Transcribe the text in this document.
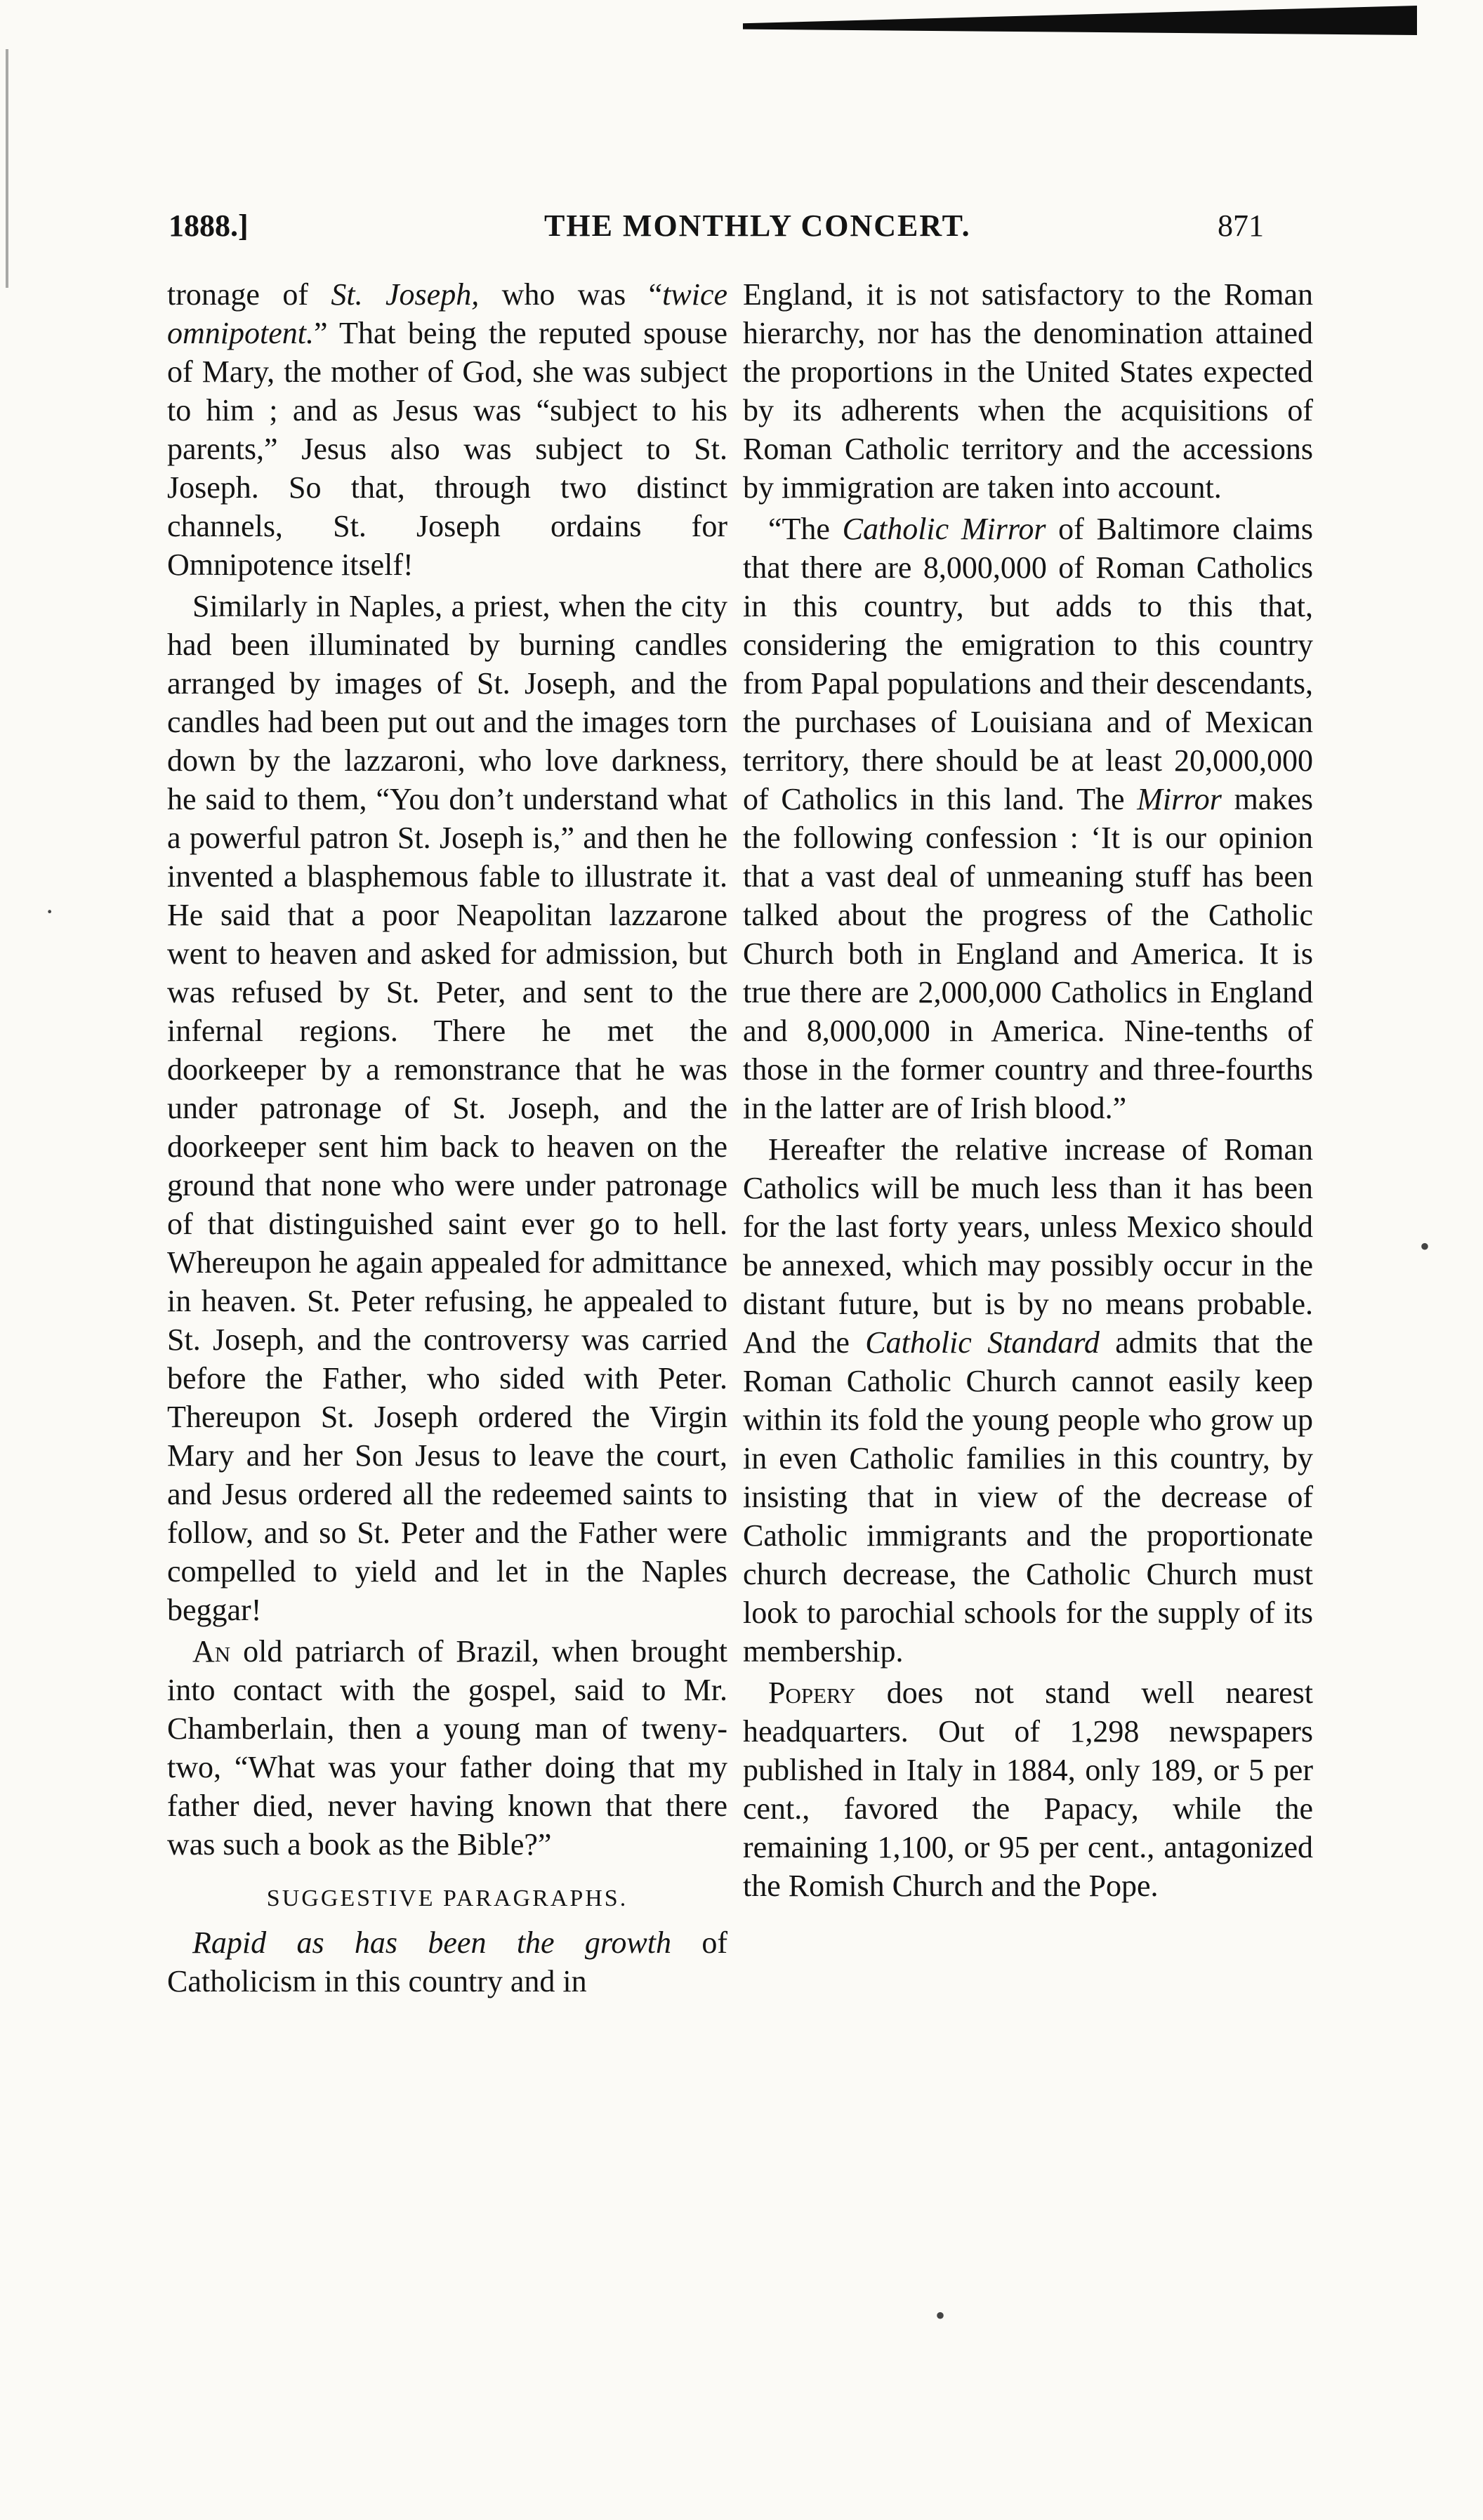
·
•
•
1888.]	THE MONTHLY CONCERT.	871

tronage of St. Joseph, who was “twice omnipotent.” That being the reputed spouse of Mary, the mother of God, she was subject to him ; and as Jesus was “subject to his parents,” Jesus also was subject to St. Joseph. So that, through two distinct channels, St. Joseph ordains for Omnipotence itself!

Similarly in Naples, a priest, when the city had been illuminated by burning candles arranged by images of St. Joseph, and the candles had been put out and the images torn down by the lazzaroni, who love darkness, he said to them, “You don’t understand what a powerful patron St. Joseph is,” and then he invented a blasphemous fable to illustrate it. He said that a poor Neapolitan lazzarone went to heaven and asked for admission, but was refused by St. Peter, and sent to the infernal regions. There he met the doorkeeper by a remonstrance that he was under patronage of St. Joseph, and the doorkeeper sent him back to heaven on the ground that none who were under patronage of that distinguished saint ever go to hell. Whereupon he again appealed for admittance in heaven. St. Peter refusing, he appealed to St. Joseph, and the controversy was carried before the Father, who sided with Peter. Thereupon St. Joseph ordered the Virgin Mary and her Son Jesus to leave the court, and Jesus ordered all the redeemed saints to follow, and so St. Peter and the Father were compelled to yield and let in the Naples beggar!

An old patriarch of Brazil, when brought into contact with the gospel, said to Mr. Chamberlain, then a young man of tweny-two, “What was your father doing that my father died, never having known that there was such a book as the Bible?”

SUGGESTIVE PARAGRAPHS.

Rapid as has been the growth of Catholicism in this country and in

England, it is not satisfactory to the Roman hierarchy, nor has the denomination attained the proportions in the United States expected by its adherents when the acquisitions of Roman Catholic territory and the accessions by immigration are taken into account.

“The Catholic Mirror of Baltimore claims that there are 8,000,000 of Roman Catholics in this country, but adds to this that, considering the emigration to this country from Papal populations and their descendants, the purchases of Louisiana and of Mexican territory, there should be at least 20,000,000 of Catholics in this land. The Mirror makes the following confession : ‘It is our opinion that a vast deal of unmeaning stuff has been talked about the progress of the Catholic Church both in England and America. It is true there are 2,000,000 Catholics in England and 8,000,000 in America. Nine-tenths of those in the former country and three-fourths in the latter are of Irish blood.”

Hereafter the relative increase of Roman Catholics will be much less than it has been for the last forty years, unless Mexico should be annexed, which may possibly occur in the distant future, but is by no means probable. And the Catholic Standard admits that the Roman Catholic Church cannot easily keep within its fold the young people who grow up in even Catholic families in this country, by insisting that in view of the decrease of Catholic immigrants and the proportionate church decrease, the Catholic Church must look to parochial schools for the supply of its membership.

Popery does not stand well nearest headquarters. Out of 1,298 newspapers published in Italy in 1884, only 189, or 5 per cent., favored the Papacy, while the remaining 1,100, or 95 per cent., antagonized the Romish Church and the Pope.
